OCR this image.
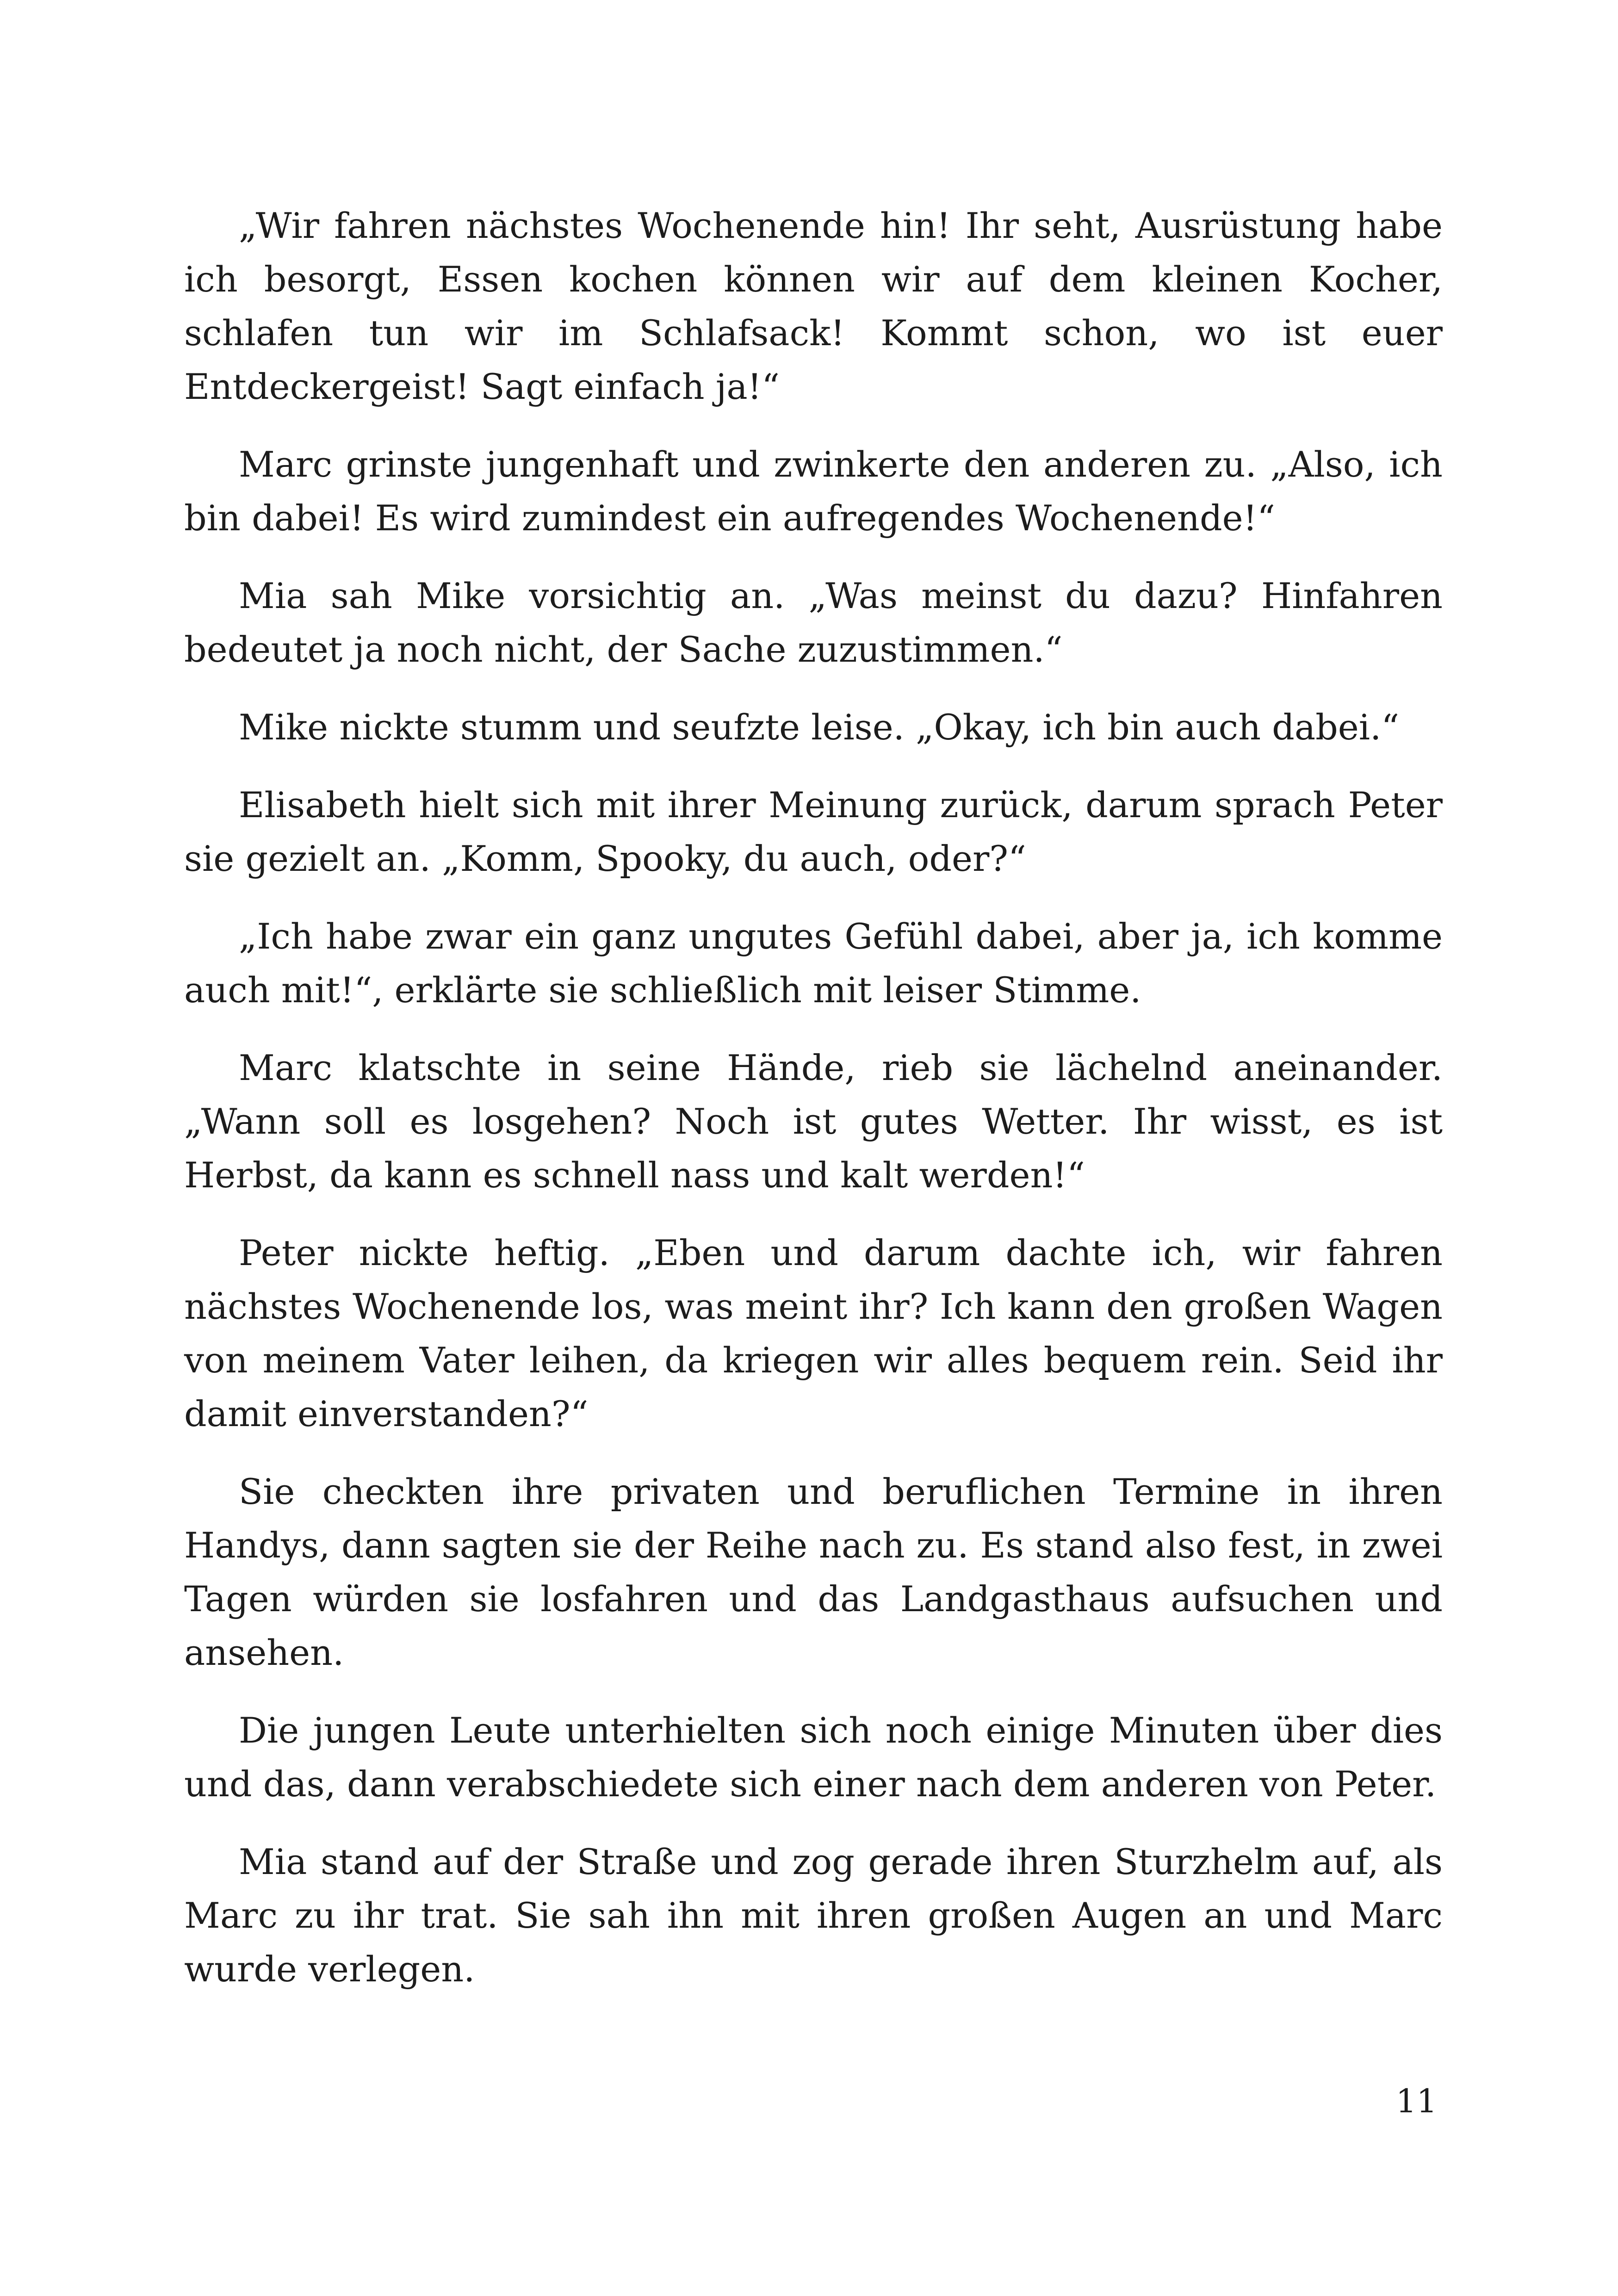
„Wir fahren nächstes Wochenende hin! Ihr seht, Ausrüstung habe ich besorgt, Essen kochen können wir auf dem kleinen Kocher, schlafen tun wir im Schlafsack! Kommt schon, wo ist euer Entdeckergeist! Sagt einfach ja!“

Marc grinste jungenhaft und zwinkerte den anderen zu. „Also, ich bin dabei! Es wird zumindest ein aufregendes Wochenende!“

Mia sah Mike vorsichtig an. „Was meinst du dazu? Hinfahren bedeutet ja noch nicht, der Sache zuzustimmen.“

Mike nickte stumm und seufzte leise. „Okay, ich bin auch dabei.“

Elisabeth hielt sich mit ihrer Meinung zurück, darum sprach Peter sie gezielt an. „Komm, Spooky, du auch, oder?“

„Ich habe zwar ein ganz ungutes Gefühl dabei, aber ja, ich komme auch mit!“, erklärte sie schließlich mit leiser Stimme.

Marc klatschte in seine Hände, rieb sie lächelnd aneinander. „Wann soll es losgehen? Noch ist gutes Wetter. Ihr wisst, es ist Herbst, da kann es schnell nass und kalt werden!“

Peter nickte heftig. „Eben und darum dachte ich, wir fahren nächstes Wochenende los, was meint ihr? Ich kann den großen Wagen von meinem Vater leihen, da kriegen wir alles bequem rein. Seid ihr damit einverstanden?“

Sie checkten ihre privaten und beruflichen Termine in ihren Handys, dann sagten sie der Reihe nach zu. Es stand also fest, in zwei Tagen würden sie losfahren und das Landgasthaus aufsuchen und ansehen.

Die jungen Leute unterhielten sich noch einige Minuten über dies und das, dann verabschiedete sich einer nach dem anderen von Peter.

Mia stand auf der Straße und zog gerade ihren Sturzhelm auf, als Marc zu ihr trat. Sie sah ihn mit ihren großen Augen an und Marc wurde verlegen.

11
